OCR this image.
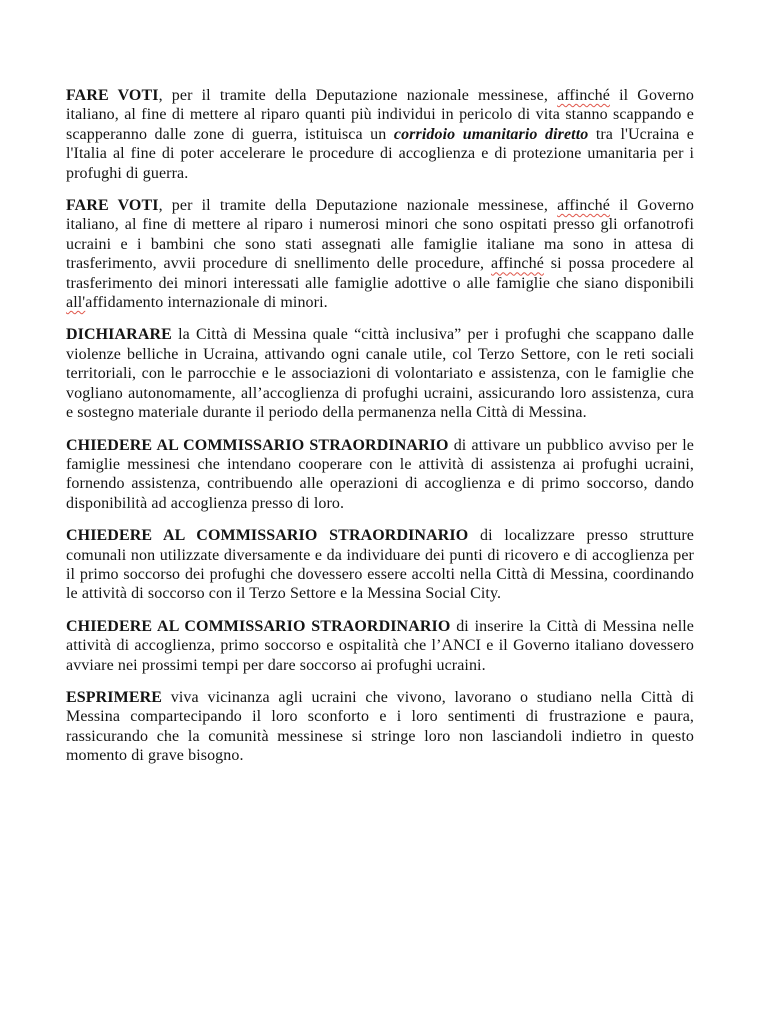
FARE VOTI, per il tramite della Deputazione nazionale messinese, affinché il Governo italiano, al fine di mettere al riparo quanti più individui in pericolo di vita stanno scappando e scapperanno dalle zone di guerra, istituisca un corridoio umanitario diretto tra l'Ucraina e l'Italia al fine di poter accelerare le procedure di accoglienza e di protezione umanitaria per i profughi di guerra.

FARE VOTI, per il tramite della Deputazione nazionale messinese, affinché il Governo italiano, al fine di mettere al riparo i numerosi minori che sono ospitati presso gli orfanotrofi ucraini e i bambini che sono stati assegnati alle famiglie italiane ma sono in attesa di trasferimento, avvii procedure di snellimento delle procedure, affinché si possa procedere al trasferimento dei minori interessati alle famiglie adottive o alle famiglie che siano disponibili all'affidamento internazionale di minori.

DICHIARARE la Città di Messina quale “città inclusiva” per i profughi che scappano dalle violenze belliche in Ucraina, attivando ogni canale utile, col Terzo Settore, con le reti sociali territoriali, con le parrocchie e le associazioni di volontariato e assistenza, con le famiglie che vogliano autonomamente, all’accoglienza di profughi ucraini, assicurando loro assistenza, cura e sostegno materiale durante il periodo della permanenza nella Città di Messina.

CHIEDERE AL COMMISSARIO STRAORDINARIO di attivare un pubblico avviso per le famiglie messinesi che intendano cooperare con le attività di assistenza ai profughi ucraini, fornendo assistenza, contribuendo alle operazioni di accoglienza e di primo soccorso, dando disponibilità ad accoglienza presso di loro.

CHIEDERE AL COMMISSARIO STRAORDINARIO di localizzare presso strutture comunali non utilizzate diversamente e da individuare dei punti di ricovero e di accoglienza per il primo soccorso dei profughi che dovessero essere accolti nella Città di Messina, coordinando le attività di soccorso con il Terzo Settore e la Messina Social City.

CHIEDERE AL COMMISSARIO STRAORDINARIO di inserire la Città di Messina nelle attività di accoglienza, primo soccorso e ospitalità che l’ANCI e il Governo italiano dovessero avviare nei prossimi tempi per dare soccorso ai profughi ucraini.

ESPRIMERE viva vicinanza agli ucraini che vivono, lavorano o studiano nella Città di Messina compartecipando il loro sconforto e i loro sentimenti di frustrazione e paura, rassicurando che la comunità messinese si stringe loro non lasciandoli indietro in questo momento di grave bisogno.
